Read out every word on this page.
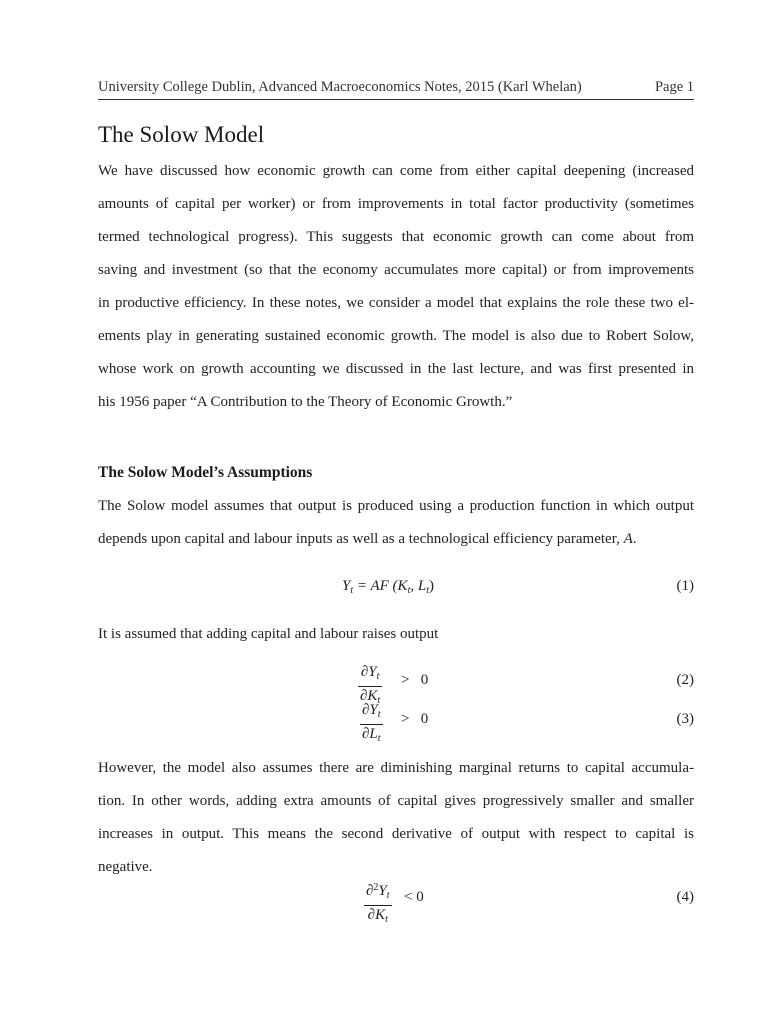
University College Dublin, Advanced Macroeconomics Notes, 2015 (Karl Whelan)	Page 1
The Solow Model
We have discussed how economic growth can come from either capital deepening (increased
amounts of capital per worker) or from improvements in total factor productivity (sometimes
termed technological progress). This suggests that economic growth can come about from
saving and investment (so that the economy accumulates more capital) or from improvements
in productive efficiency. In these notes, we consider a model that explains the role these two el-
ements play in generating sustained economic growth. The model is also due to Robert Solow,
whose work on growth accounting we discussed in the last lecture, and was first presented in
his 1956 paper “A Contribution to the Theory of Economic Growth.”
The Solow Model’s Assumptions
The Solow model assumes that output is produced using a production function in which output
depends upon capital and labour inputs as well as a technological efficiency parameter, A.
$Y_t$ = AF ($K_t$, $L_t$)	(1)
It is assumed that adding capital and labour raises output
$\partial Y_t$
$\partial K_t$
> 0	(2)
$\partial Y_t$
$\partial L_t$
> 0	(3)
However, the model also assumes there are diminishing marginal returns to capital accumula-
tion. In other words, adding extra amounts of capital gives progressively smaller and smaller
increases in output. This means the second derivative of output with respect to capital is
negative.
$\partial^2Y_t$
$\partial K_t$
< 0	(4)
